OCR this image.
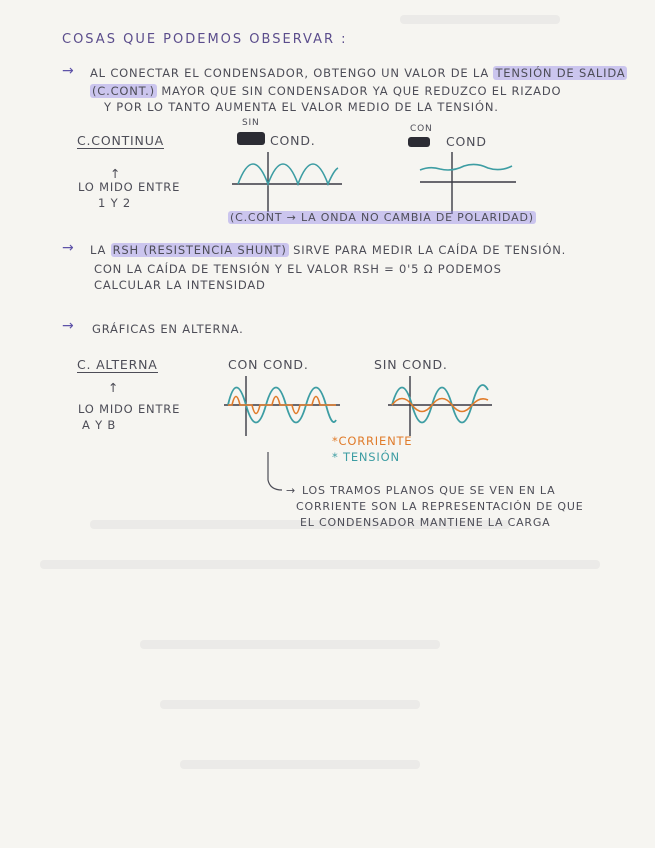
COSAS QUE PODEMOS OBSERVAR :
→ AL CONECTAR EL CONDENSADOR, OBTENGO UN VALOR DE LA TENSIÓN DE SALIDA
(C.CONT.) MAYOR QUE SIN CONDENSADOR YA QUE REDUZCO EL RIZADO
Y POR LO TANTO AUMENTA EL VALOR MEDIO DE LA TENSIÓN.
C.CONTINUA
↑
LO MIDO ENTRE
1 Y 2
SIN
COND.
CON
COND
(C.CONT → LA ONDA NO CAMBIA DE POLARIDAD)
→ LA RSH (RESISTENCIA SHUNT) SIRVE PARA MEDIR LA CAÍDA DE TENSIÓN.
CON LA CAÍDA DE TENSIÓN Y EL VALOR RSH = 0'5 Ω PODEMOS
CALCULAR LA INTENSIDAD
→ GRÁFICAS EN ALTERNA.
C. ALTERNA
↑
LO MIDO ENTRE
A Y B
CON COND.	SIN COND.
*CORRIENTE
* TENSIÓN
→ LOS TRAMOS PLANOS QUE SE VEN EN LA
CORRIENTE SON LA REPRESENTACIÓN DE QUE
EL CONDENSADOR MANTIENE LA CARGA
